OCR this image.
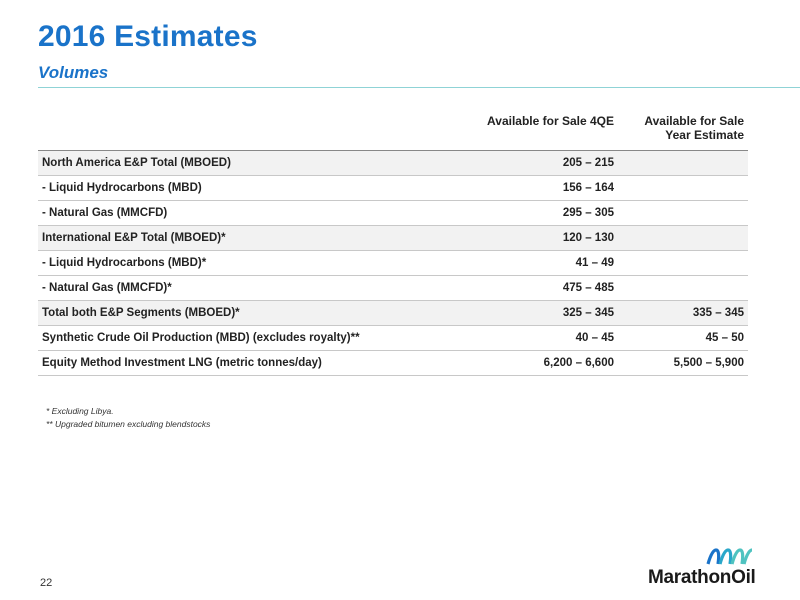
2016 Estimates
Volumes
	Available for Sale 4QE	Available for Sale
Year Estimate
North America E&P Total (MBOED)	205 – 215	
- Liquid Hydrocarbons (MBD)	156 – 164	
- Natural Gas (MMCFD)	295 – 305	
International E&P Total (MBOED)*	120 – 130	
- Liquid Hydrocarbons (MBD)*	41 – 49	
- Natural Gas (MMCFD)*	475 – 485	
Total both E&P Segments (MBOED)*	325 – 345	335 – 345
Synthetic Crude Oil Production (MBD) (excludes royalty)**	40 – 45	45 – 50
Equity Method Investment LNG (metric tonnes/day)	6,200 – 6,600	5,500 – 5,900
* Excluding Libya.
** Upgraded bitumen excluding blendstocks
22	MarathonOil
